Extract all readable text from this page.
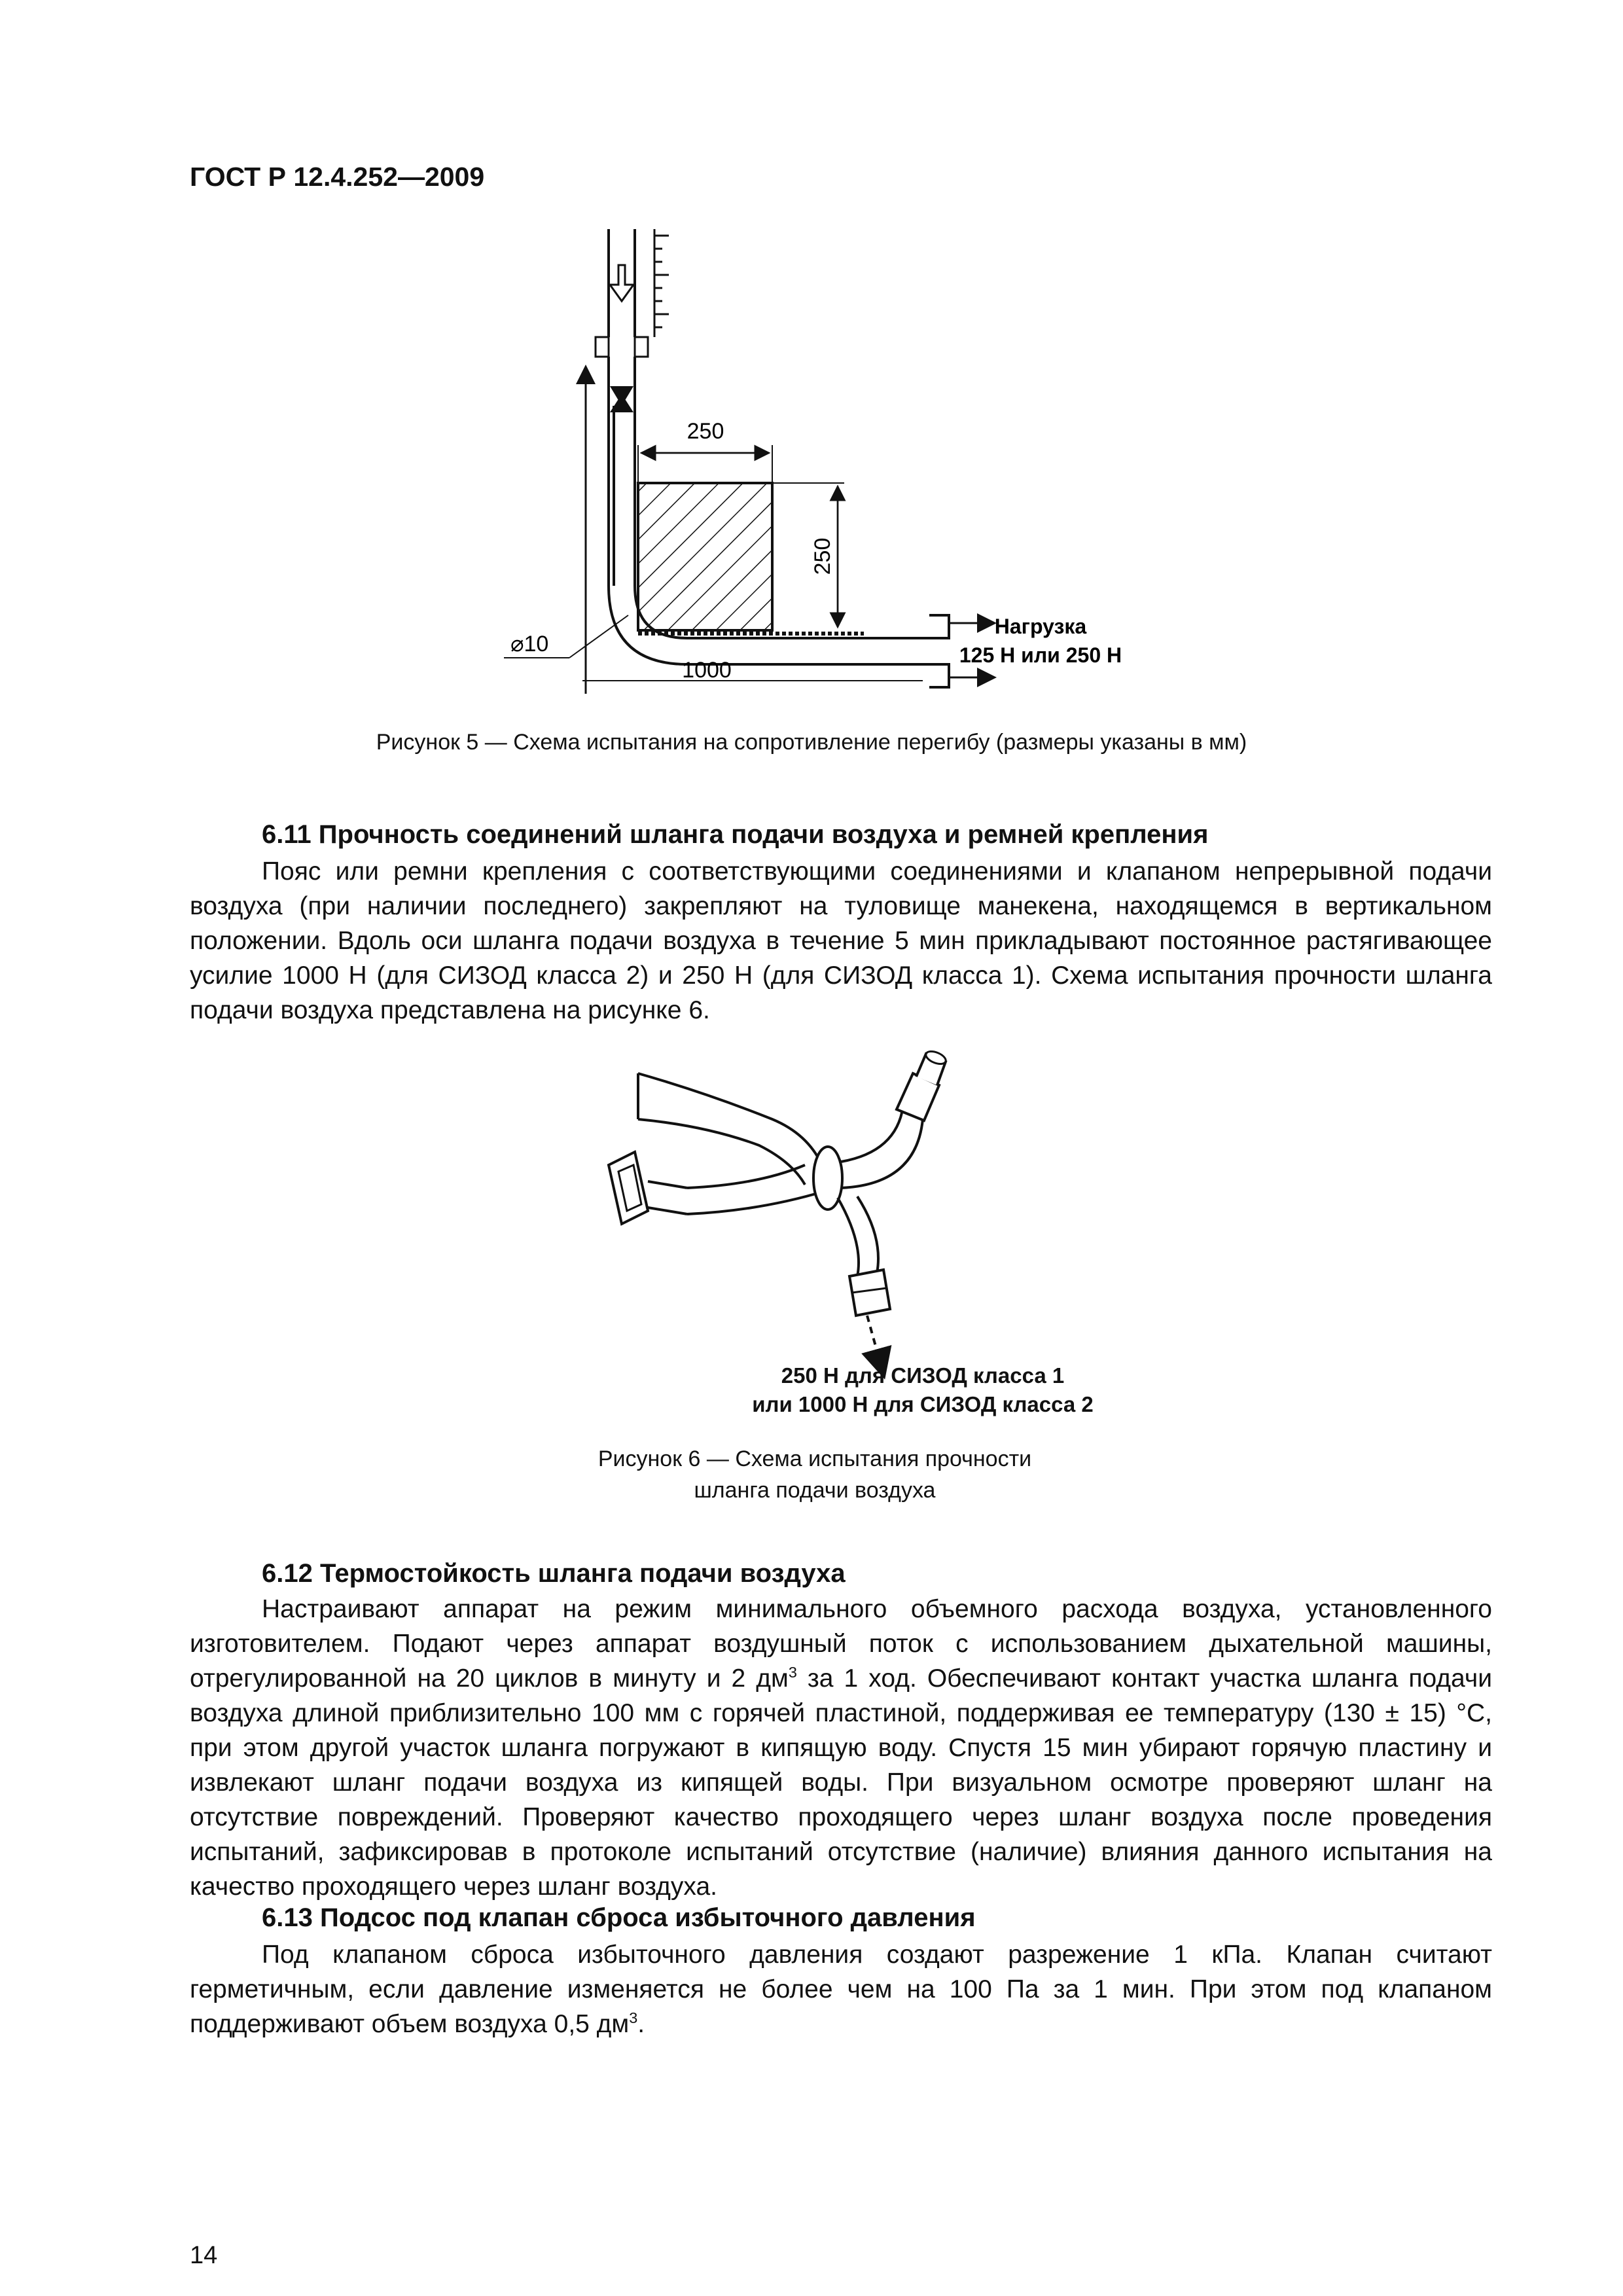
ГОСТ Р 12.4.252—2009
250
250
⌀10
1000
Нагрузка
125 Н или 250 Н
Рисунок 5 — Схема испытания на сопротивление перегибу (размеры указаны в мм)
6.11 Прочность соединений шланга подачи воздуха и ремней крепления
Пояс или ремни крепления с соответствующими соединениями и клапаном непрерывной подачи воздуха (при наличии последнего) закрепляют на туловище манекена, находящемся в вертикальном положении. Вдоль оси шланга подачи воздуха в течение 5 мин прикладывают постоянное растягивающее усилие 1000 Н (для СИЗОД класса 2) и 250 Н (для СИЗОД класса 1). Схема испытания прочности шланга подачи воздуха представлена на рисунке 6.
250 Н для СИЗОД класса 1
или 1000 Н для СИЗОД класса 2
Рисунок 6 — Схема испытания прочности
шланга подачи воздуха
6.12 Термостойкость шланга подачи воздуха
Настраивают аппарат на режим минимального объемного расхода воздуха, установленного изготовителем. Подают через аппарат воздушный поток с использованием дыхательной машины, отрегулированной на 20 циклов в минуту и 2 $дм^3$ за 1 ход. Обеспечивают контакт участка шланга подачи воздуха длиной приблизительно 100 мм с горячей пластиной, поддерживая ее температуру (130 ± 15) °С, при этом другой участок шланга погружают в кипящую воду. Спустя 15 мин убирают горячую пластину и извлекают шланг подачи воздуха из кипящей воды. При визуальном осмотре проверяют шланг на отсутствие повреждений. Проверяют качество проходящего через шланг воздуха после проведения испытаний, зафиксировав в протоколе испытаний отсутствие (наличие) влияния данного испытания на качество проходящего через шланг воздуха.
6.13 Подсос под клапан сброса избыточного давления
Под клапаном сброса избыточного давления создают разрежение 1 кПа. Клапан считают герметичным, если давление изменяется не более чем на 100 Па за 1 мин. При этом под клапаном поддерживают объем воздуха 0,5 $дм^3$.
14
